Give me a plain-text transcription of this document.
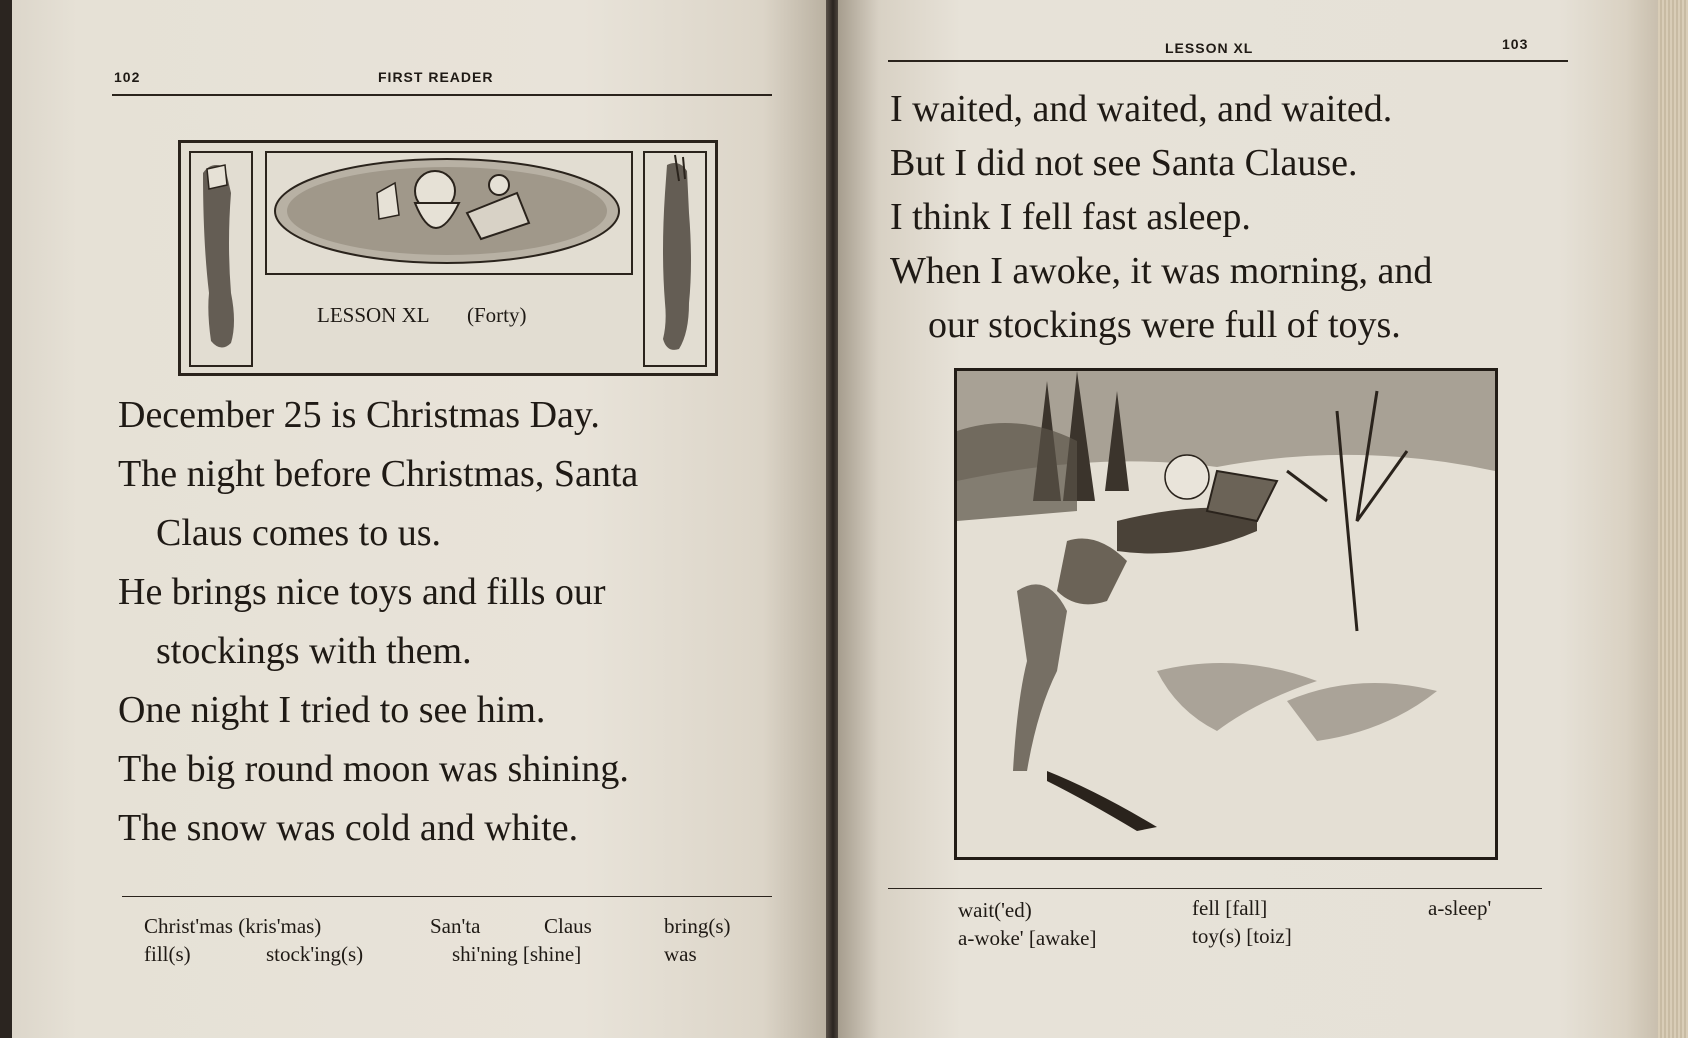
102	FIRST READER
LESSON XL (Forty)
December 25 is Christmas Day.
The night before Christmas, Santa
Claus comes to us.
He brings nice toys and fills our
stockings with them.
One night I tried to see him.
The big round moon was shining.
The snow was cold and white.
Christ'mas (kris'mas)	San'ta	Claus	bring(s)
fill(s)	stock'ing(s)	shi'ning [shine]	was
LESSON XL	103
I waited, and waited, and waited.
But I did not see Santa Clause.
I think I fell fast asleep.
When I awoke, it was morning, and
our stockings were full of toys.
wait('ed)	fell [fall]	a-sleep'
a-woke' [awake]	toy(s) [toiz]
